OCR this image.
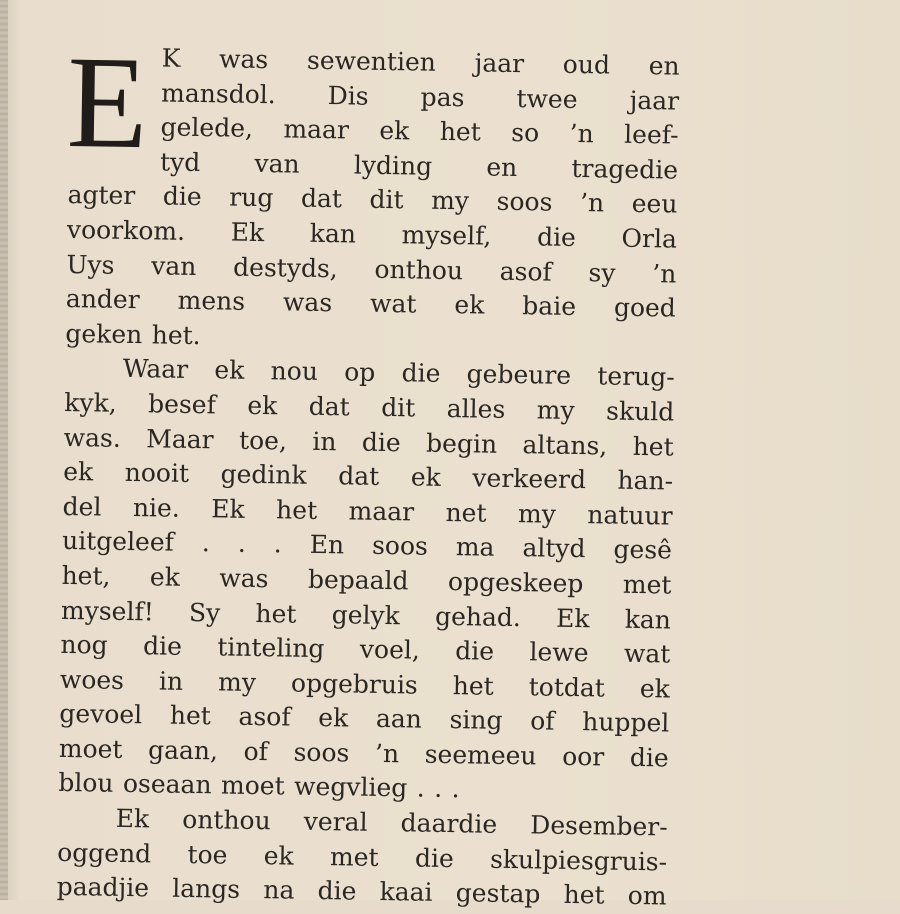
E K was sewentien jaar oud en
mansdol. Dis pas twee jaar
gelede, maar ek het so ’n leef-
tyd van lyding en tragedie
agter die rug dat dit my soos ’n eeu
voorkom. Ek kan myself, die Orla
Uys van destyds, onthou asof sy ’n
ander mens was wat ek baie goed
geken het.
Waar ek nou op die gebeure terug-
kyk, besef ek dat dit alles my skuld
was. Maar toe, in die begin altans, het
ek nooit gedink dat ek verkeerd han-
del nie. Ek het maar net my natuur
uitgeleef . . . En soos ma altyd gesê
het, ek was bepaald opgeskeep met
myself! Sy het gelyk gehad. Ek kan
nog die tinteling voel, die lewe wat
woes in my opgebruis het totdat ek
gevoel het asof ek aan sing of huppel
moet gaan, of soos ’n seemeeu oor die
blou oseaan moet wegvlieg . . .
Ek onthou veral daardie Desember-
oggend toe ek met die skulpiesgruis-
paadjie langs na die kaai gestap het om
